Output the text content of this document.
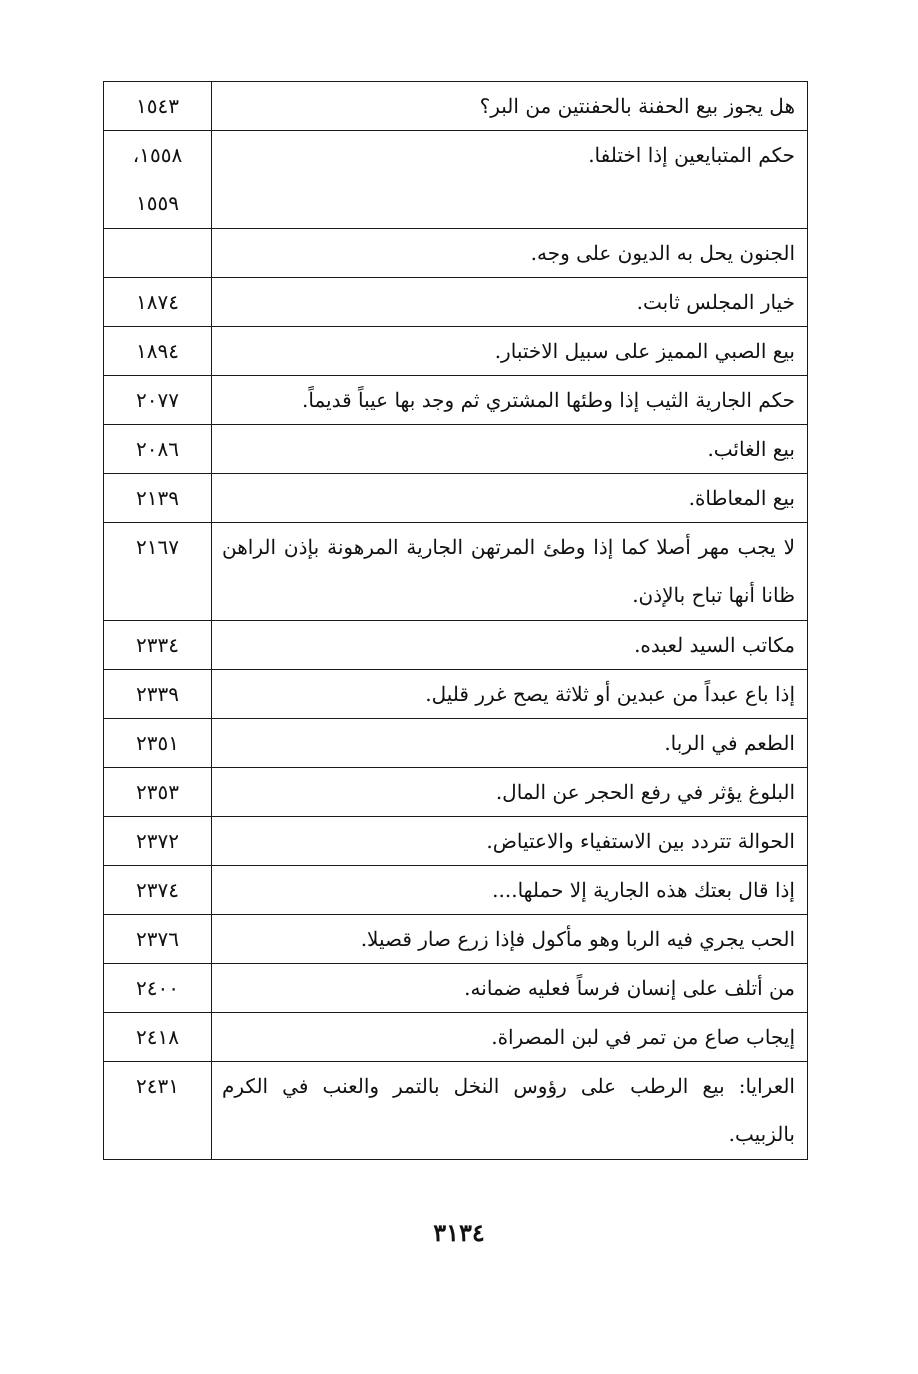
هل يجوز بيع الحفنة بالحفنتين من البر؟	١٥٤٣

حكم المتبايعين إذا اختلفا.	١٥٥٨،
١٥٥٩

الجنون يحل به الديون على وجه.	
خيار المجلس ثابت.	١٨٧٤

بيع الصبي المميز على سبيل الاختبار.	١٨٩٤

حكم الجارية الثيب إذا وطئها المشتري ثم وجد بها عيباً قديماً.	٢٠٧٧

بيع الغائب.	٢٠٨٦

بيع المعاطاة.	٢١٣٩

لا يجب مهر أصلا كما إذا وطئ المرتهن الجارية المرهونة بإذن الراهن ظانا أنها تباح بالإذن.	٢١٦٧

مكاتب السيد لعبده.	٢٣٣٤

إذا باع عبداً من عبدين أو ثلاثة يصح غرر قليل.	٢٣٣٩

الطعم في الربا.	٢٣٥١

البلوغ يؤثر في رفع الحجر عن المال.	٢٣٥٣

الحوالة تتردد بين الاستفياء والاعتياض.	٢٣٧٢

إذا قال بعتك هذه الجارية إلا حملها....	٢٣٧٤

الحب يجري فيه الربا وهو مأكول فإذا زرع صار قصيلا.	٢٣٧٦

من أتلف على إنسان فرساً فعليه ضمانه.	٢٤٠٠

إيجاب صاع من تمر في لبن المصراة.	٢٤١٨

العرايا: بيع الرطب على رؤوس النخل بالتمر والعنب في الكرم بالزبيب.	٢٤٣١
٣١٣٤
